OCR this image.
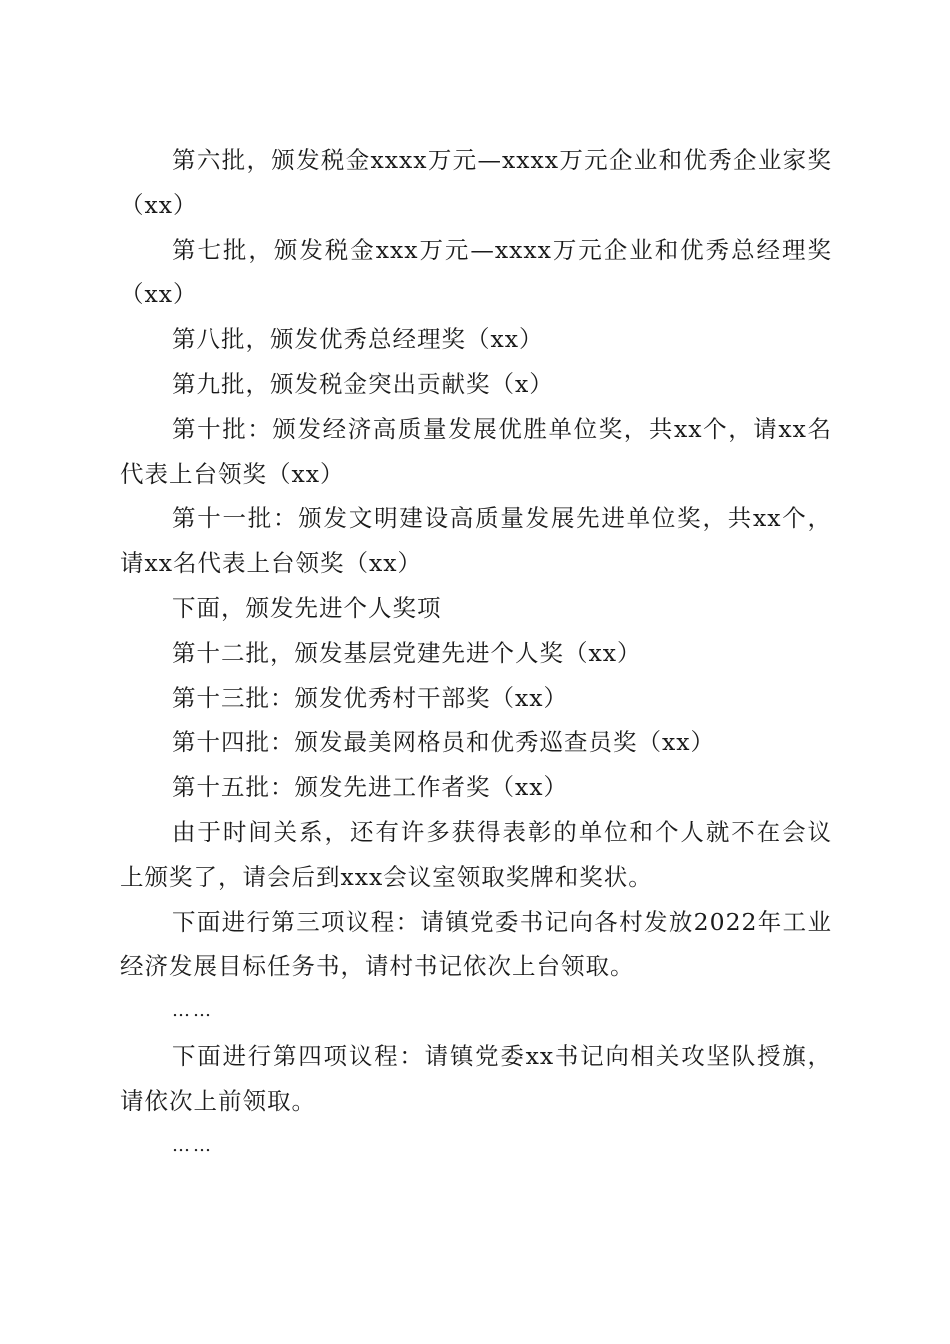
第六批，颁发税金xxxx万元—xxxx万元企业和优秀企业家奖（xx）

第七批，颁发税金xxx万元—xxxx万元企业和优秀总经理奖（xx）

第八批，颁发优秀总经理奖（xx）

第九批，颁发税金突出贡献奖（x）

第十批：颁发经济高质量发展优胜单位奖，共xx个，请xx名代表上台领奖（xx）

第十一批：颁发文明建设高质量发展先进单位奖，共xx个，请xx名代表上台领奖（xx）

下面，颁发先进个人奖项

第十二批，颁发基层党建先进个人奖（xx）

第十三批：颁发优秀村干部奖（xx）

第十四批：颁发最美网格员和优秀巡查员奖（xx）

第十五批：颁发先进工作者奖（xx）

由于时间关系，还有许多获得表彰的单位和个人就不在会议上颁奖了，请会后到xxx会议室领取奖牌和奖状。

下面进行第三项议程：请镇党委书记向各村发放2022年工业经济发展目标任务书，请村书记依次上台领取。

……

下面进行第四项议程：请镇党委xx书记向相关攻坚队授旗，请依次上前领取。

……
